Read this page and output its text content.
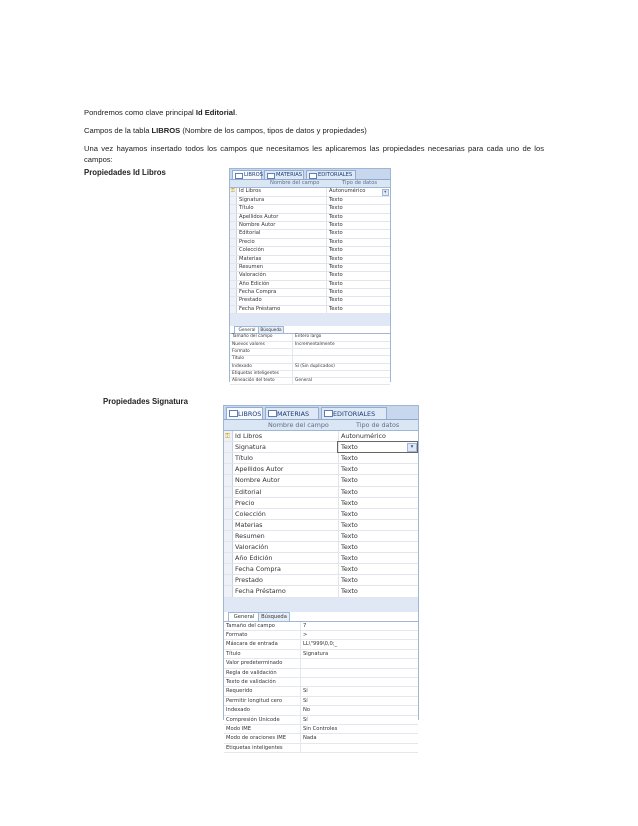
Pondremos como clave principal Id Editorial.

Campos de la tabla LIBROS (Nombre de los campos, tipos de datos y propiedades)

Una vez hayamos insertado todos los campos que necesitamos les aplicaremos las propiedades necesarias para cada uno de los campos:

Propiedades Id Libros

Propiedades Signatura

LIBROS	MATERIAS	EDITORIALES
Nombre del campo	Tipo de datos
⚿ Id Libros	Autonumérico	▾
Signatura	Texto
Título	Texto
Apellidos Autor	Texto
Nombre Autor	Texto
Editorial	Texto
Precio	Texto
Colección	Texto
Materias	Texto
Resumen	Texto
Valoración	Texto
Año Edición	Texto
Fecha Compra	Texto
Prestado	Texto
Fecha Préstamo	Texto
General	Búsqueda
Tamaño del campo	Entero largo
Nuevos valores	Incrementalmente
Formato
Título
Indexado	Sí (Sin duplicados)
Etiquetas inteligentes
Alineación del texto	General
LIBROS	MATERIAS	EDITORIALES
Nombre del campo	Tipo de datos
⚿ Id Libros	Autonumérico
Signatura	Texto	▾
Título	Texto
Apellidos Autor	Texto
Nombre Autor	Texto
Editorial	Texto
Precio	Texto
Colección	Texto
Materias	Texto
Resumen	Texto
Valoración	Texto
Año Edición	Texto
Fecha Compra	Texto
Prestado	Texto
Fecha Préstamo	Texto
General	Búsqueda
Tamaño del campo	7
Formato	>
Máscara de entrada	LL\"999\0,0;_
Título	Signatura
Valor predeterminado
Regla de validación
Texto de validación
Requerido	Sí
Permitir longitud cero	Sí
Indexado	No
Compresión Unicode	Sí
Modo IME	Sin Controles
Modo de oraciones IME	Nada
Etiquetas inteligentes
